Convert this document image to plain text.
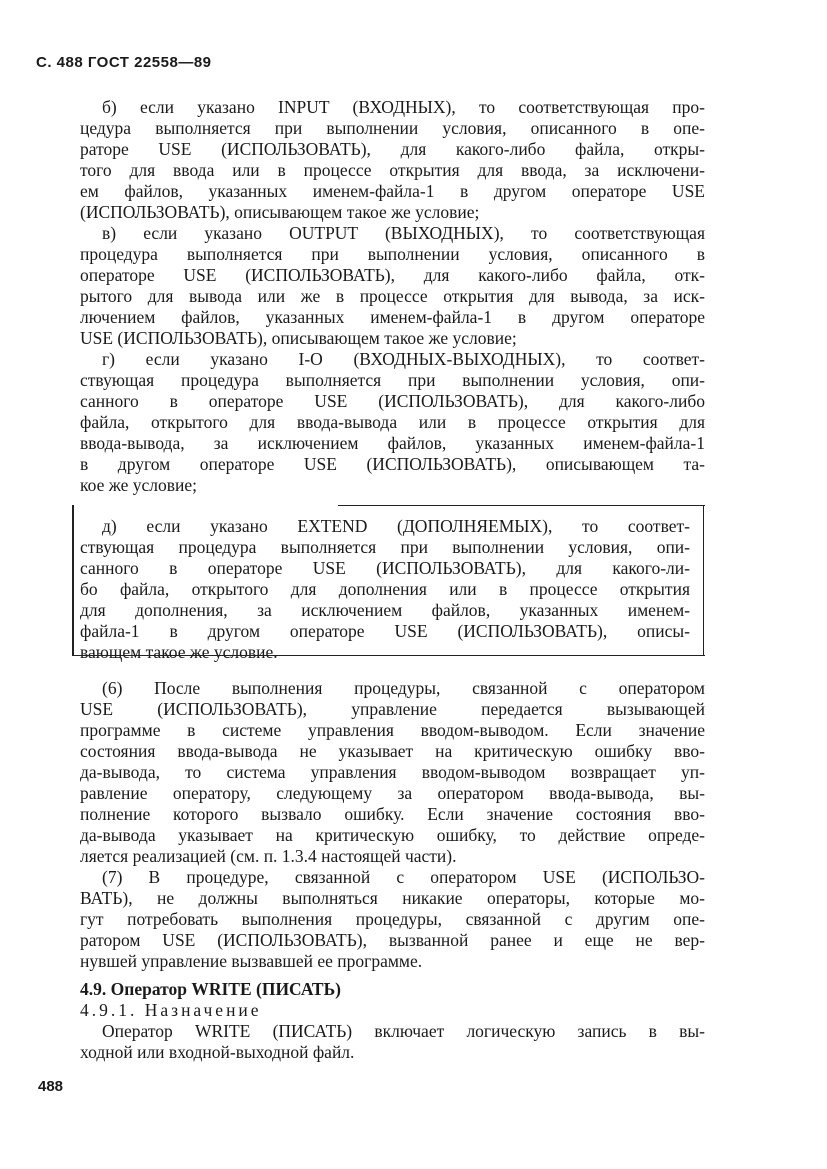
С. 488 ГОСТ 22558—89
б) если указано INPUT (ВХОДНЫХ), то соответствующая про-
цедура выполняется при выполнении условия, описанного в опе-
раторе USE (ИСПОЛЬЗОВАТЬ), для какого-либо файла, откры-
того для ввода или в процессе открытия для ввода, за исключени-
ем файлов, указанных именем-файла-1 в другом операторе USE
(ИСПОЛЬЗОВАТЬ), описывающем такое же условие;
в) если указано OUTPUT (ВЫХОДНЫХ), то соответствующая
процедура выполняется при выполнении условия, описанного в
операторе USE (ИСПОЛЬЗОВАТЬ), для какого-либо файла, отк-
рытого для вывода или же в процессе открытия для вывода, за иск-
лючением файлов, указанных именем-файла-1 в другом операторе
USE (ИСПОЛЬЗОВАТЬ), описывающем такое же условие;
г) если указано I-O (ВХОДНЫХ-ВЫХОДНЫХ), то соответ-
ствующая процедура выполняется при выполнении условия, опи-
санного в операторе USE (ИСПОЛЬЗОВАТЬ), для какого-либо
файла, открытого для ввода-вывода или в процессе открытия для
ввода-вывода, за исключением файлов, указанных именем-файла-1
в другом операторе USE (ИСПОЛЬЗОВАТЬ), описывающем та-
кое же условие;
д) если указано EXTEND (ДОПОЛНЯЕМЫХ), то соответ-
ствующая процедура выполняется при выполнении условия, опи-
санного в операторе USE (ИСПОЛЬЗОВАТЬ), для какого-ли-
бо файла, открытого для дополнения или в процессе открытия
для дополнения, за исключением файлов, указанных именем-
файла-1 в другом операторе USE (ИСПОЛЬЗОВАТЬ), описы-
вающем такое же условие.
(6) После выполнения процедуры, связанной с оператором
USE (ИСПОЛЬЗОВАТЬ), управление передается вызывающей
программе в системе управления вводом-выводом. Если значение
состояния ввода-вывода не указывает на критическую ошибку вво-
да-вывода, то система управления вводом-выводом возвращает уп-
равление оператору, следующему за оператором ввода-вывода, вы-
полнение которого вызвало ошибку. Если значение состояния вво-
да-вывода указывает на критическую ошибку, то действие опреде-
ляется реализацией (см. п. 1.3.4 настоящей части).
(7) В процедуре, связанной с оператором USE (ИСПОЛЬЗО-
ВАТЬ), не должны выполняться никакие операторы, которые мо-
гут потребовать выполнения процедуры, связанной с другим опе-
ратором USE (ИСПОЛЬЗОВАТЬ), вызванной ранее и еще не вер-
нувшей управление вызвавшей ее программе.
Оператор WRITE (ПИСАТЬ) включает логическую запись в вы-
ходной или входной-выходной файл.
4.9. Оператор WRITE (ПИСАТЬ)
4.9.1. Назначение
488
